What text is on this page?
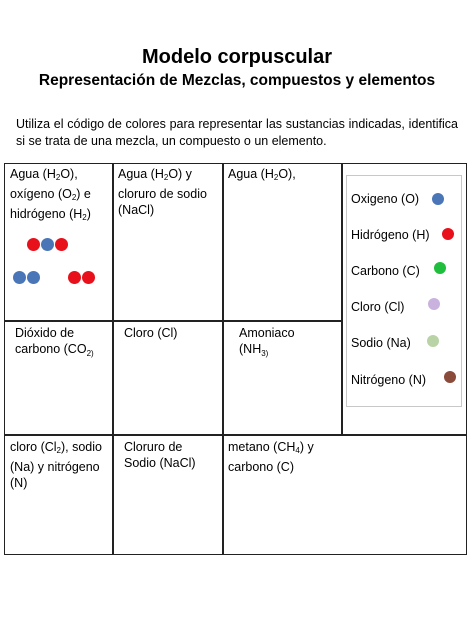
Modelo corpuscular
Representación de Mezclas, compuestos y elementos
Utiliza el código de colores para representar las sustancias indicadas, identifica si se trata de una mezcla, un compuesto o un elemento.
Agua $(H_2O)$,
oxígeno $(O_2)$ e
hidrógeno $(H_2)$
Agua $(H_2O)$ y
cloruro de sodio
(NaCl)
Agua $(H_2O)$,
Dióxido de
carbono ($CO_{2)}$
Cloro (Cl)	Amoniaco
($NH_{3)}$
cloro $(Cl_2)$, sodio
(Na) y nitrógeno
(N)
Cloruro de
Sodio (NaCl)
metano $(CH_4)$ y
carbono (C)
Oxigeno (O)
Hidrógeno (H)
Carbono (C)
Cloro (Cl)
Sodio (Na)
Nitrógeno (N)
